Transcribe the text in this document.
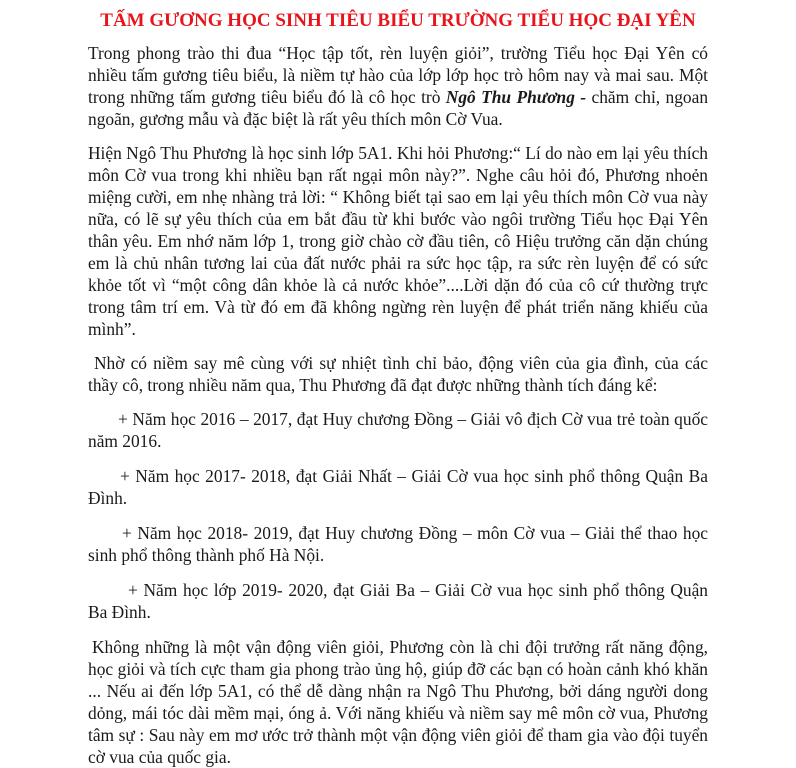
TẤM GƯƠNG HỌC SINH TIÊU BIỂU TRƯỜNG TIỂU HỌC ĐẠI YÊN

Trong phong trào thi đua “Học tập tốt, rèn luyện giỏi”, trường Tiểu học Đại Yên có nhiều tấm gương tiêu biểu, là niềm tự hào của lớp lớp học trò hôm nay và mai sau. Một trong những tấm gương tiêu biểu đó là cô học trò Ngô Thu Phương - chăm chỉ, ngoan ngoãn, gương mẫu và đặc biệt là rất yêu thích môn Cờ Vua.

Hiện Ngô Thu Phương là học sinh lớp 5A1. Khi hỏi Phương:“ Lí do nào em lại yêu thích môn Cờ vua trong khi nhiều bạn rất ngại môn này?”. Nghe câu hỏi đó, Phương nhoẻn miệng cười, em nhẹ nhàng trả lời: “ Không biết tại sao em lại yêu thích môn Cờ vua này nữa, có lẽ sự yêu thích của em bắt đầu từ khi bước vào ngôi trường Tiểu học Đại Yên thân yêu. Em nhớ năm lớp 1, trong giờ chào cờ đầu tiên, cô Hiệu trưởng căn dặn chúng em là chủ nhân tương lai của đất nước phải ra sức học tập, ra sức rèn luyện để có sức khỏe tốt vì “một công dân khỏe là cả nước khỏe”....Lời dặn đó của cô cứ thường trực trong tâm trí em. Và từ đó em đã không ngừng rèn luyện để phát triển năng khiếu của mình”.

Nhờ có niềm say mê cùng với sự nhiệt tình chỉ bảo, động viên của gia đình, của các thầy cô, trong nhiều năm qua, Thu Phương đã đạt được những thành tích đáng kể:

+ Năm học 2016 – 2017, đạt Huy chương Đồng – Giải vô địch Cờ vua trẻ toàn quốc năm 2016.

+ Năm học 2017- 2018, đạt Giải Nhất – Giải Cờ vua học sinh phổ thông Quận Ba Đình.

+ Năm học 2018- 2019, đạt Huy chương Đồng – môn Cờ vua – Giải thể thao học sinh phổ thông thành phố Hà Nội.

+ Năm học lớp 2019- 2020, đạt Giải Ba – Giải Cờ vua học sinh phổ thông Quận Ba Đình.

Không những là một vận động viên giỏi, Phương còn là chi đội trưởng rất năng động, học giỏi và tích cực tham gia phong trào ủng hộ, giúp đỡ các bạn có hoàn cảnh khó khăn ... Nếu ai đến lớp 5A1, có thể dễ dàng nhận ra Ngô Thu Phương, bởi dáng người dong dỏng, mái tóc dài mềm mại, óng ả. Với năng khiếu và niềm say mê môn cờ vua, Phương tâm sự : Sau này em mơ ước trở thành một vận động viên giỏi để tham gia vào đội tuyển cờ vua của quốc gia.
